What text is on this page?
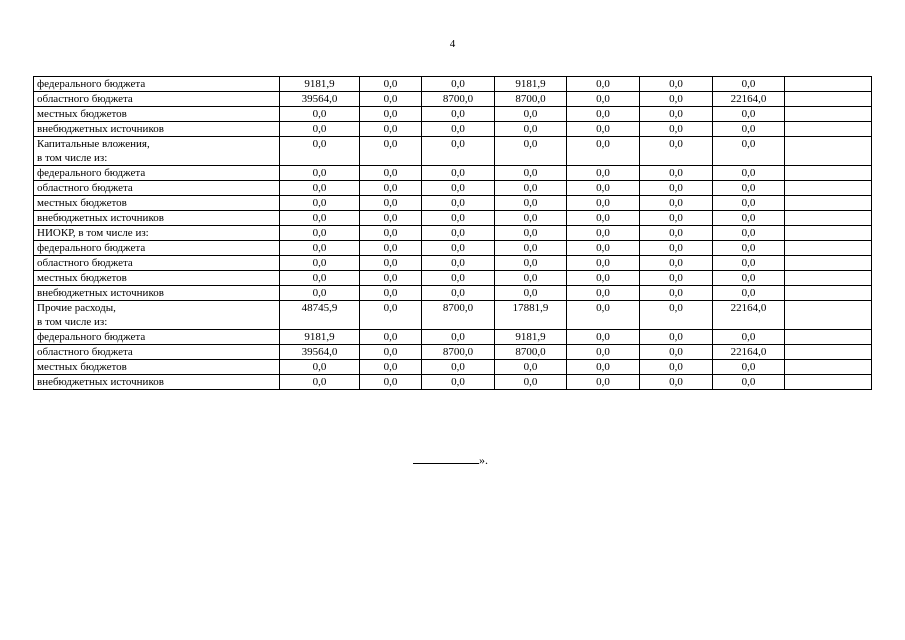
4
федерального бюджета	9181,9	0,0	0,0	9181,9	0,0	0,0	0,0	
областного бюджета	39564,0	0,0	8700,0	8700,0	0,0	0,0	22164,0	
местных бюджетов	0,0	0,0	0,0	0,0	0,0	0,0	0,0	
внебюджетных источников	0,0	0,0	0,0	0,0	0,0	0,0	0,0	
Капитальные вложения,
в том числе из:	0,0	0,0	0,0	0,0	0,0	0,0	0,0	
федерального бюджета	0,0	0,0	0,0	0,0	0,0	0,0	0,0	
областного бюджета	0,0	0,0	0,0	0,0	0,0	0,0	0,0	
местных бюджетов	0,0	0,0	0,0	0,0	0,0	0,0	0,0	
внебюджетных источников	0,0	0,0	0,0	0,0	0,0	0,0	0,0	
НИОКР, в том числе из:	0,0	0,0	0,0	0,0	0,0	0,0	0,0	
федерального бюджета	0,0	0,0	0,0	0,0	0,0	0,0	0,0	
областного бюджета	0,0	0,0	0,0	0,0	0,0	0,0	0,0	
местных бюджетов	0,0	0,0	0,0	0,0	0,0	0,0	0,0	
внебюджетных источников	0,0	0,0	0,0	0,0	0,0	0,0	0,0	
Прочие расходы,
в том числе из:	48745,9	0,0	8700,0	17881,9	0,0	0,0	22164,0	
федерального бюджета	9181,9	0,0	0,0	9181,9	0,0	0,0	0,0	
областного бюджета	39564,0	0,0	8700,0	8700,0	0,0	0,0	22164,0	
местных бюджетов	0,0	0,0	0,0	0,0	0,0	0,0	0,0	
внебюджетных источников	0,0	0,0	0,0	0,0	0,0	0,0	0,0	
».
